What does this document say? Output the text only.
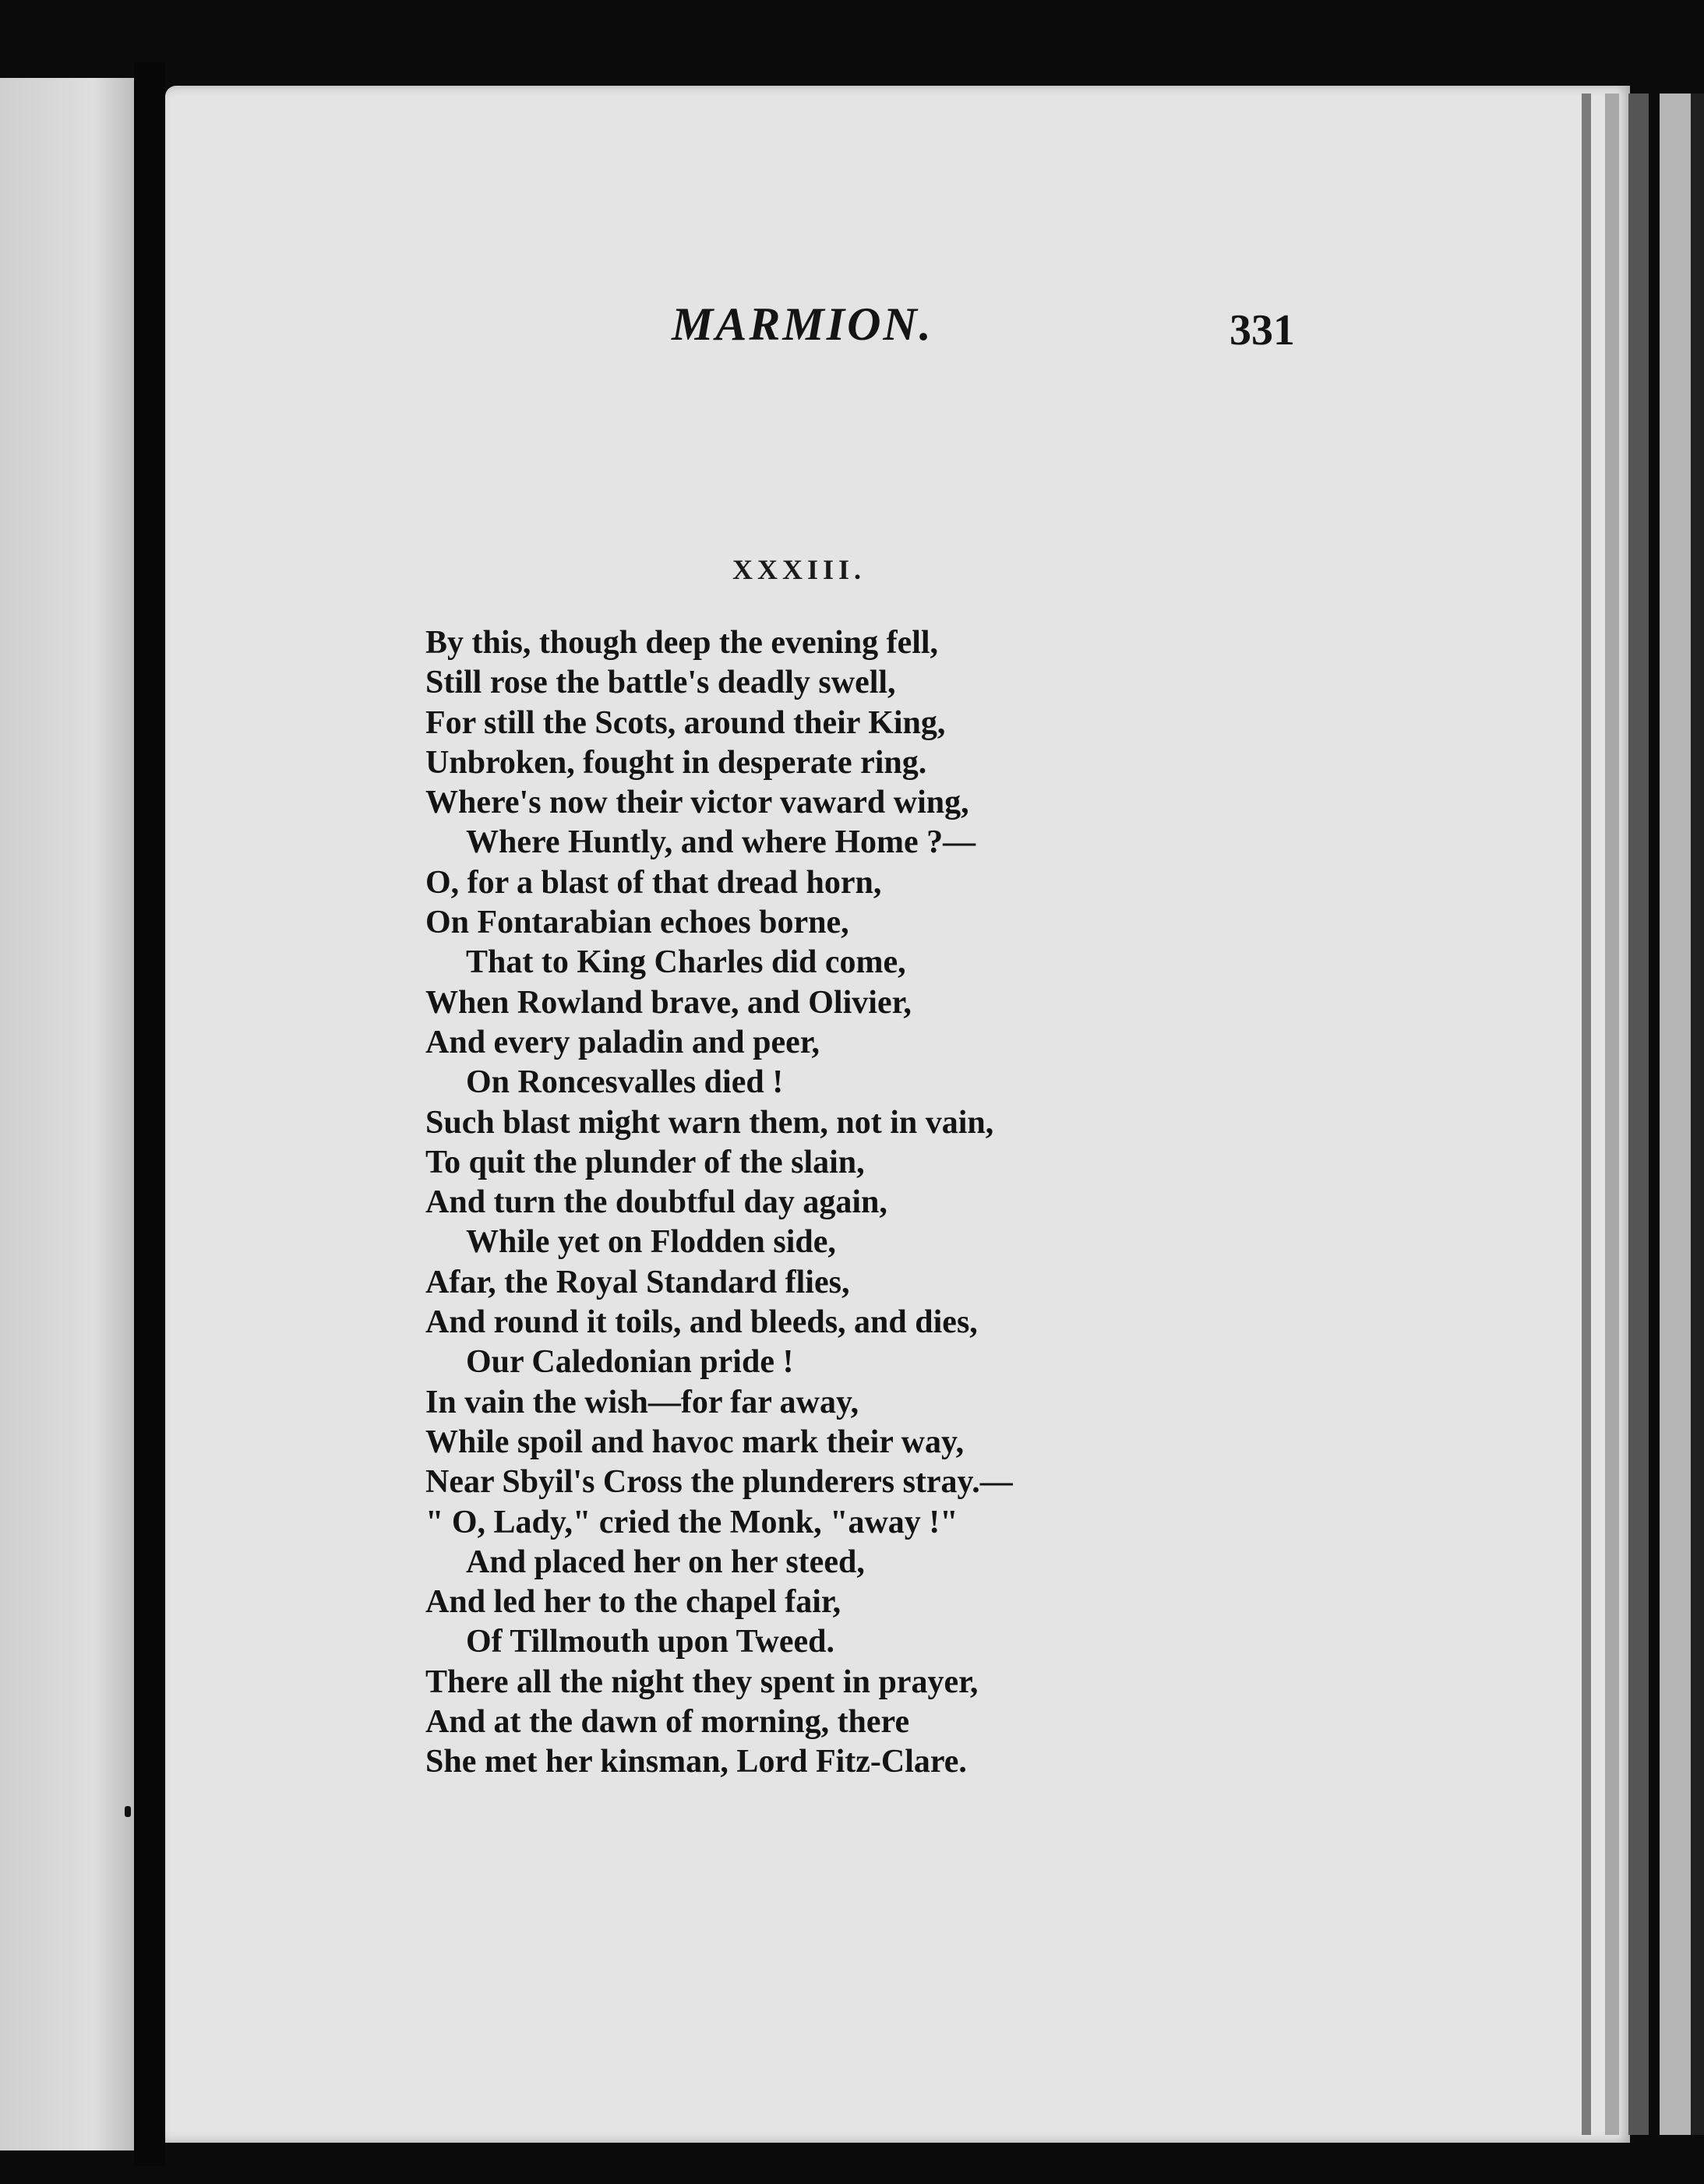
MARMION.	331
XXXIII.
By this, though deep the evening fell,
Still rose the battle's deadly swell,
For still the Scots, around their King,
Unbroken, fought in desperate ring.
Where's now their victor vaward wing,
Where Huntly, and where Home ?—
O, for a blast of that dread horn,
On Fontarabian echoes borne,
That to King Charles did come,
When Rowland brave, and Olivier,
And every paladin and peer,
On Roncesvalles died !
Such blast might warn them, not in vain,
To quit the plunder of the slain,
And turn the doubtful day again,
While yet on Flodden side,
Afar, the Royal Standard flies,
And round it toils, and bleeds, and dies,
Our Caledonian pride !
In vain the wish—for far away,
While spoil and havoc mark their way,
Near Sbyil's Cross the plunderers stray.—
" O, Lady," cried the Monk, "away !"
And placed her on her steed,
And led her to the chapel fair,
Of Tillmouth upon Tweed.
There all the night they spent in prayer,
And at the dawn of morning, there
She met her kinsman, Lord Fitz-Clare.
